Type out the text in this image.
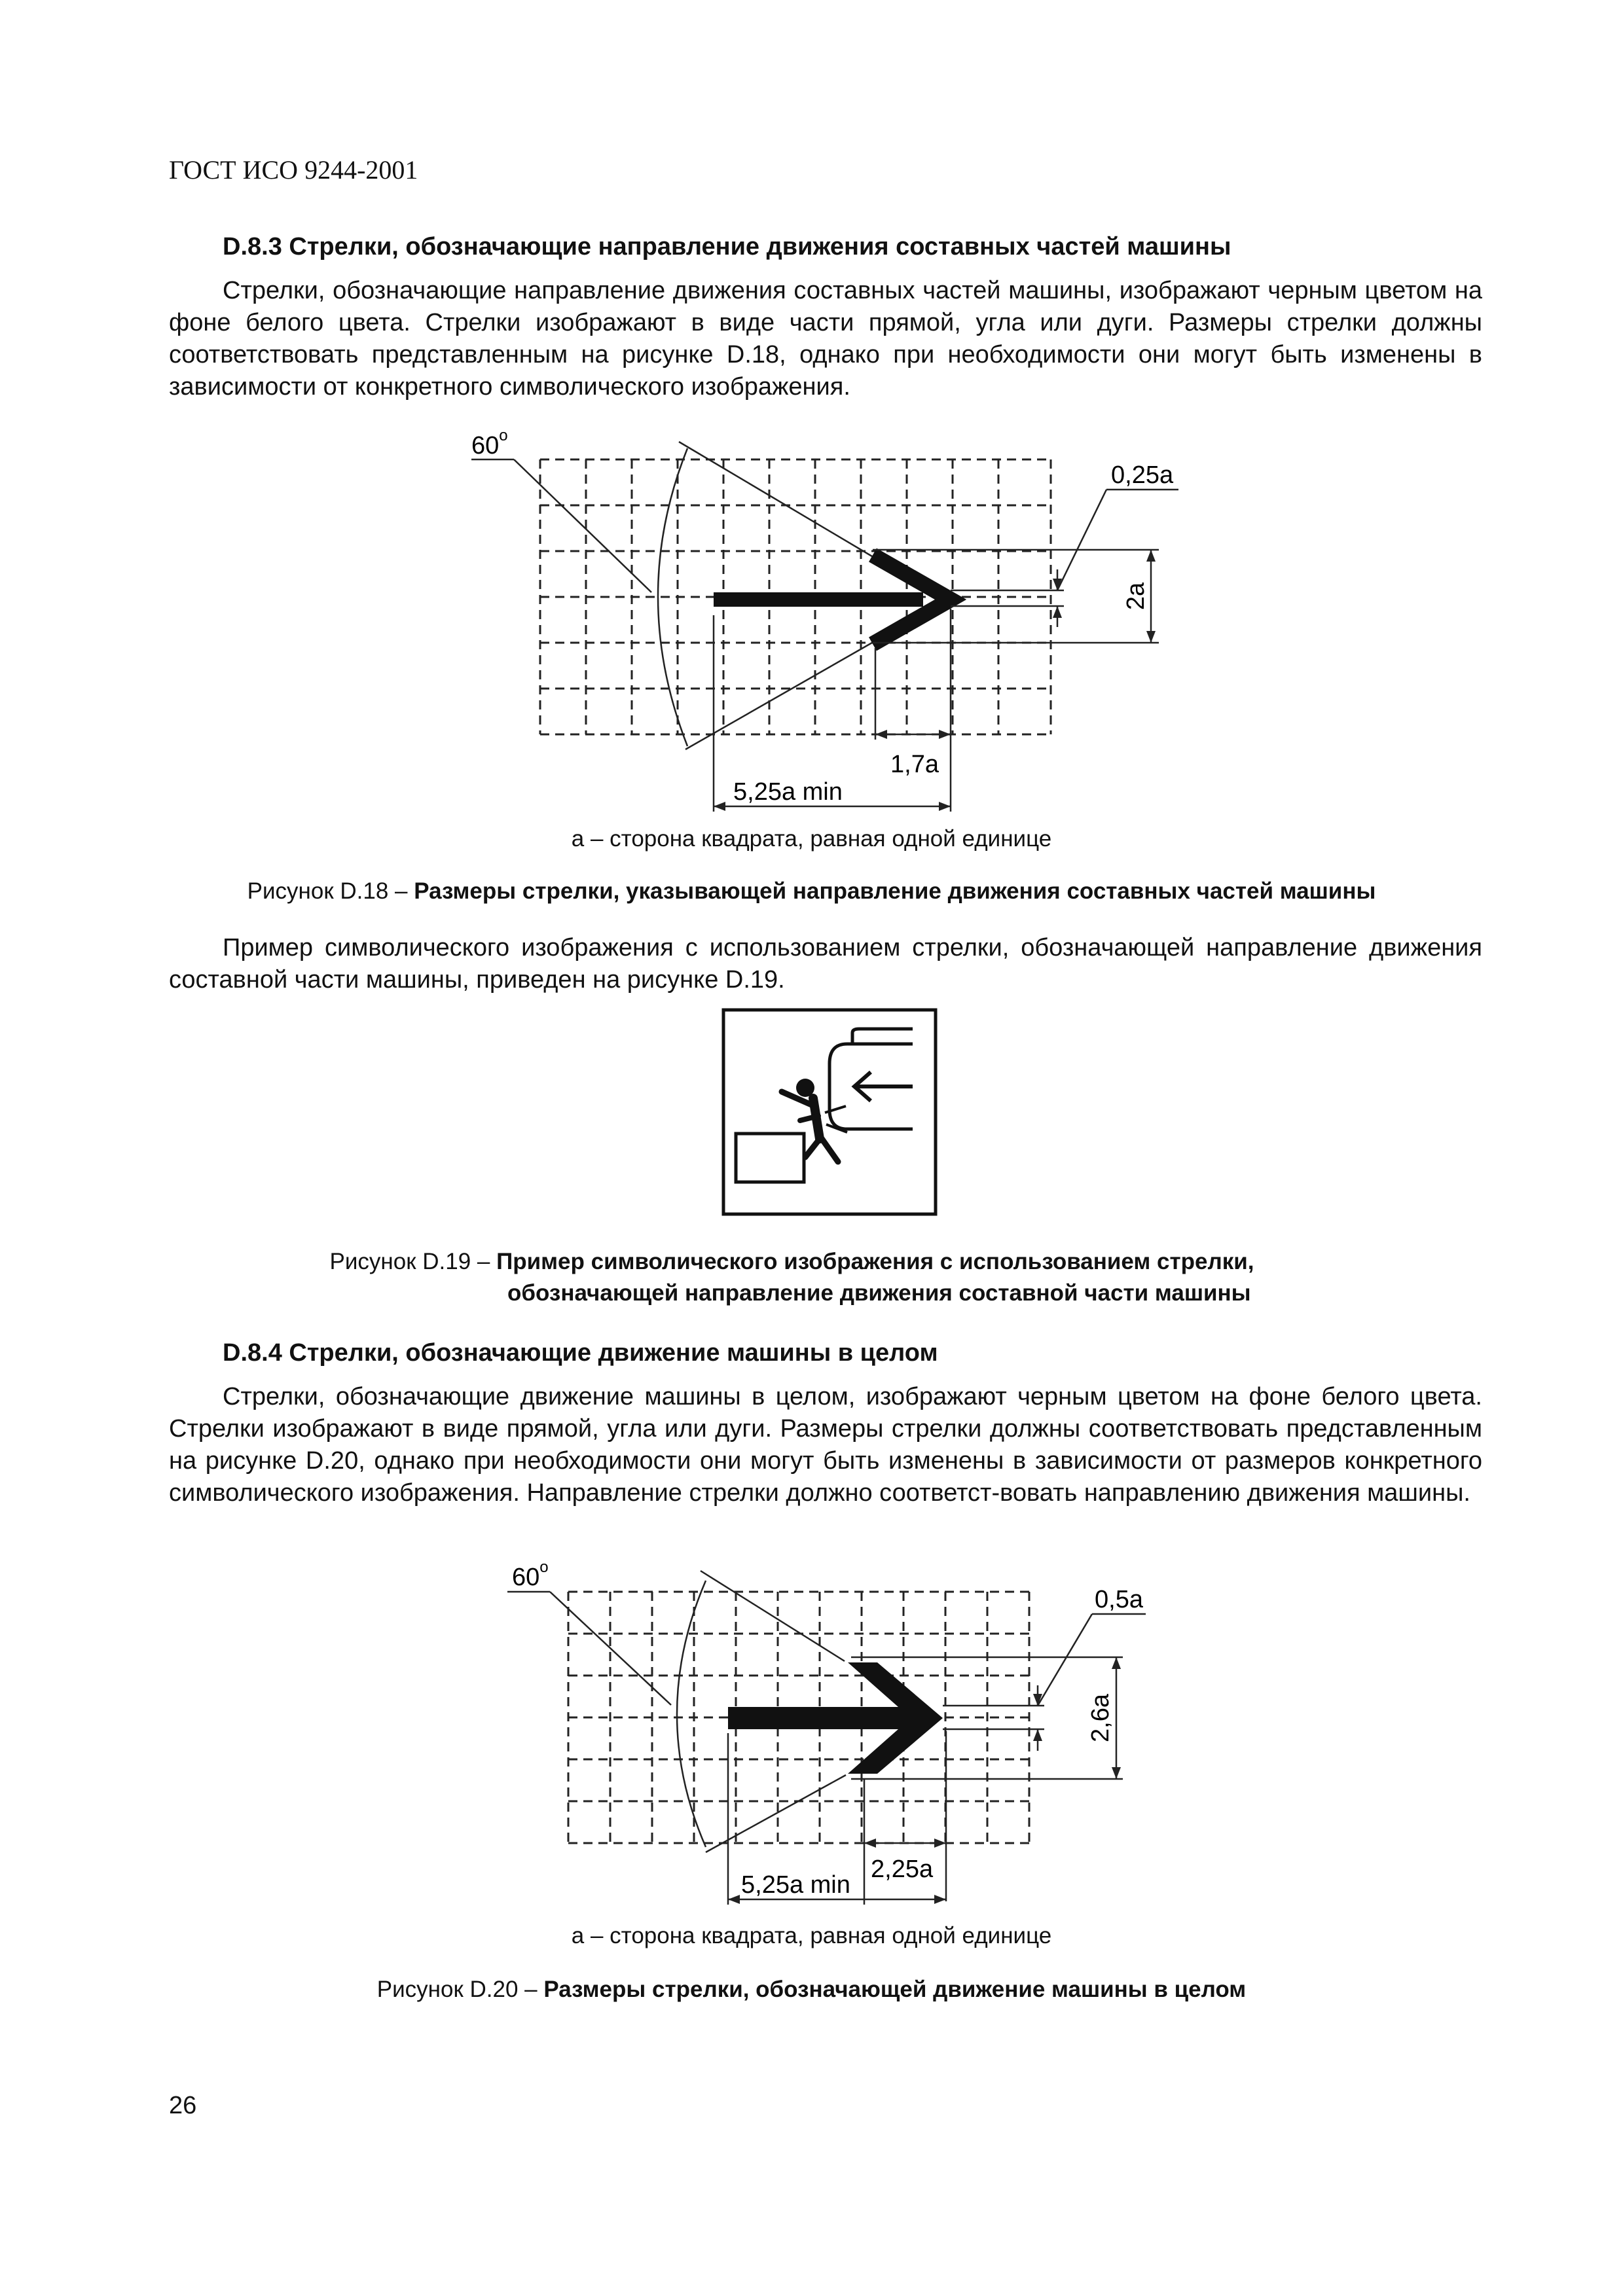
ГОСТ ИСО 9244-2001
D.8.3 Стрелки, обозначающие направление движения составных частей машины
Стрелки, обозначающие направление движения составных частей машины, изображают черным цветом на фоне белого цвета. Стрелки изображают в виде части прямой, угла или дуги. Размеры стрелки должны соответствовать представленным на рисунке D.18, однако при необходимости они могут быть изменены в зависимости от конкретного символического изображения.
60$^o$
0,25a
2a
1,7a
5,25a min
a – сторона квадрата, равная одной единице
Рисунок D.18 – Размеры стрелки, указывающей направление движения составных частей машины
Пример символического изображения с использованием стрелки, обозначающей направление движения составной части машины, приведен на рисунке D.19.
Рисунок D.19 – Пример символического изображения с использованием стрелки,
обозначающей направление движения составной части машины
D.8.4 Стрелки, обозначающие движение машины в целом
Стрелки, обозначающие движение машины в целом, изображают черным цветом на фоне белого цвета. Стрелки изображают в виде прямой, угла или дуги. Размеры стрелки должны соответствовать представленным на рисунке D.20, однако при необходимости они могут быть изменены в зависимости от размеров конкретного символического изображения. Направление стрелки должно соответст-вовать направлению движения машины.
60$^o$
0,5a
2,6a
2,25a
5,25a min
a – сторона квадрата, равная одной единице
Рисунок D.20 – Размеры стрелки, обозначающей движение машины в целом
26
